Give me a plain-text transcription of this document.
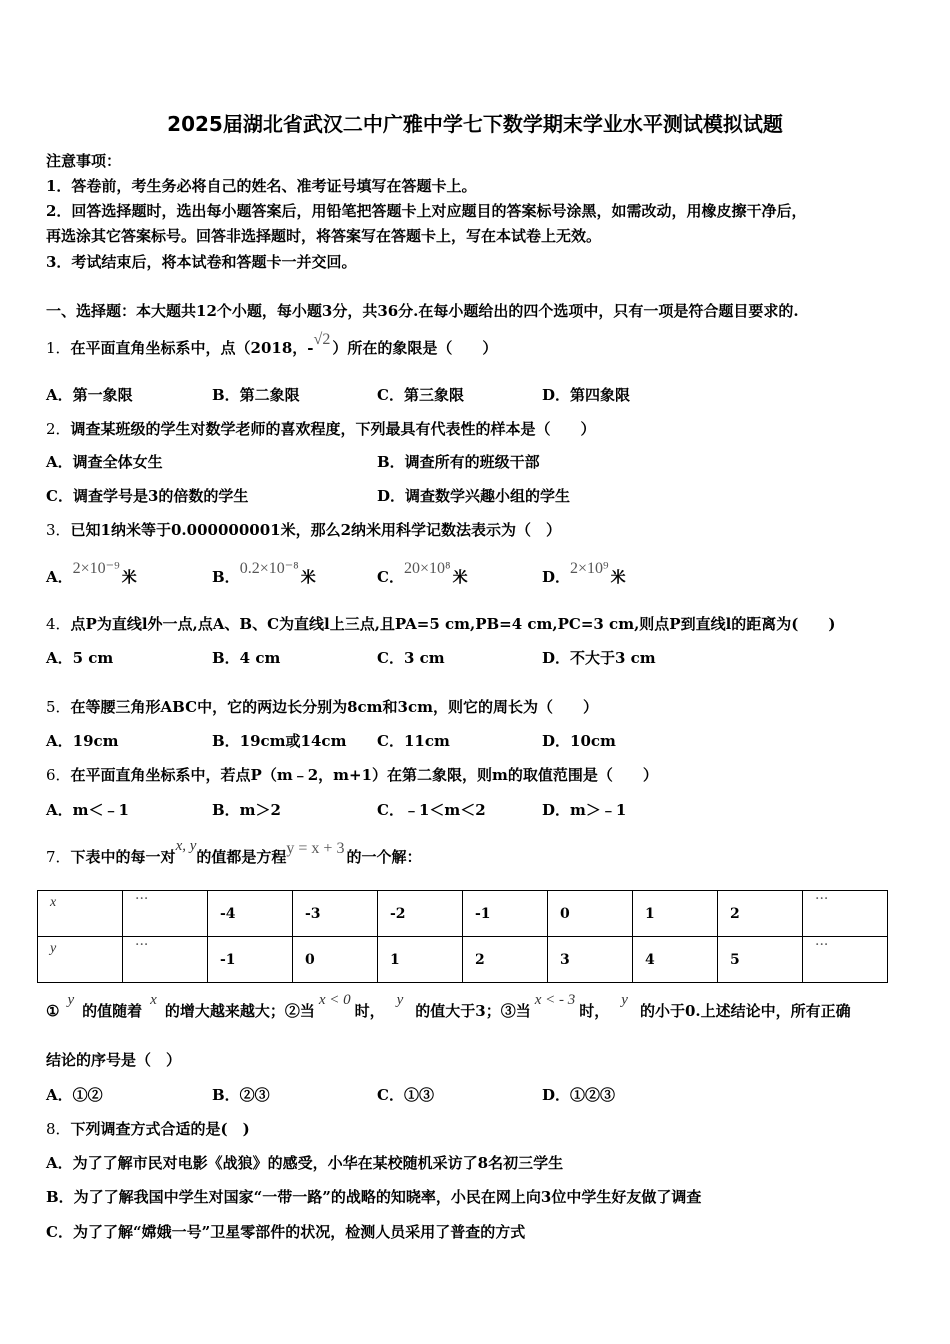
2025届湖北省武汉二中广雅中学七下数学期末学业水平测试模拟试题
注意事项：
1．答卷前，考生务必将自己的姓名、准考证号填写在答题卡上。
2．回答选择题时，选出每小题答案后，用铅笔把答题卡上对应题目的答案标号涂黑，如需改动，用橡皮擦干净后，
再选涂其它答案标号。回答非选择题时，将答案写在答题卡上，写在本试卷上无效。
3．考试结束后，将本试卷和答题卡一并交回。
一、选择题：本大题共12个小题，每小题3分，共36分.在每小题给出的四个选项中，只有一项是符合题目要求的.
1．在平面直角坐标系中，点（2018，-√2 ）所在的象限是（　　）
A．第一象限	B．第二象限	C．第三象限	D．第四象限
2．调查某班级的学生对数学老师的喜欢程度，下列最具有代表性的样本是（　　）
A．调查全体女生	B．调查所有的班级干部
C．调查学号是3的倍数的学生	D．调查数学兴趣小组的学生
3．已知1纳米等于0.000000001米，那么2纳米用科学记数法表示为（　）
A．2×10⁻⁹ 米	B．0.2×10⁻⁸ 米	C．20×10⁸ 米	D．2×10⁹ 米
4．点P为直线l外一点,点A、B、C为直线l上三点,且PA=5 cm,PB=4 cm,PC=3 cm,则点P到直线l的距离为(　　)
A．5 cm	B．4 cm	C．3 cm	D．不大于3 cm
5．在等腰三角形ABC中，它的两边长分别为8cm和3cm，则它的周长为（　　）
A．19cm	B．19cm或14cm C．11cm	D．10cm
6．在平面直角坐标系中，若点P（m﹣2，m+1）在第二象限，则m的取值范围是（　　）
A．m＜﹣1	B．m＞2	C．﹣1＜m＜2	D．m＞﹣1
7．下表中的每一对x, y的值都是方程y = x + 3 的一个解：
x	···	-4	-3	-2	-1	0	1	2	···
y	···	-1	0	1	2	3	4	5	···
①y的值随着x的增大越来越大；②当x < 0时，y的值大于3；③当x < - 3时，y的小于0.上述结论中，所有正确
结论的序号是（　）
A．①②	B．②③	C．①③	D．①②③
8．下列调查方式合适的是(　)
A．为了了解市民对电影《战狼》的感受，小华在某校随机采访了8名初三学生
B．为了了解我国中学生对国家“一带一路”的战略的知晓率，小民在网上向3位中学生好友做了调查
C．为了了解“嫦娥一号”卫星零部件的状况，检测人员采用了普查的方式
